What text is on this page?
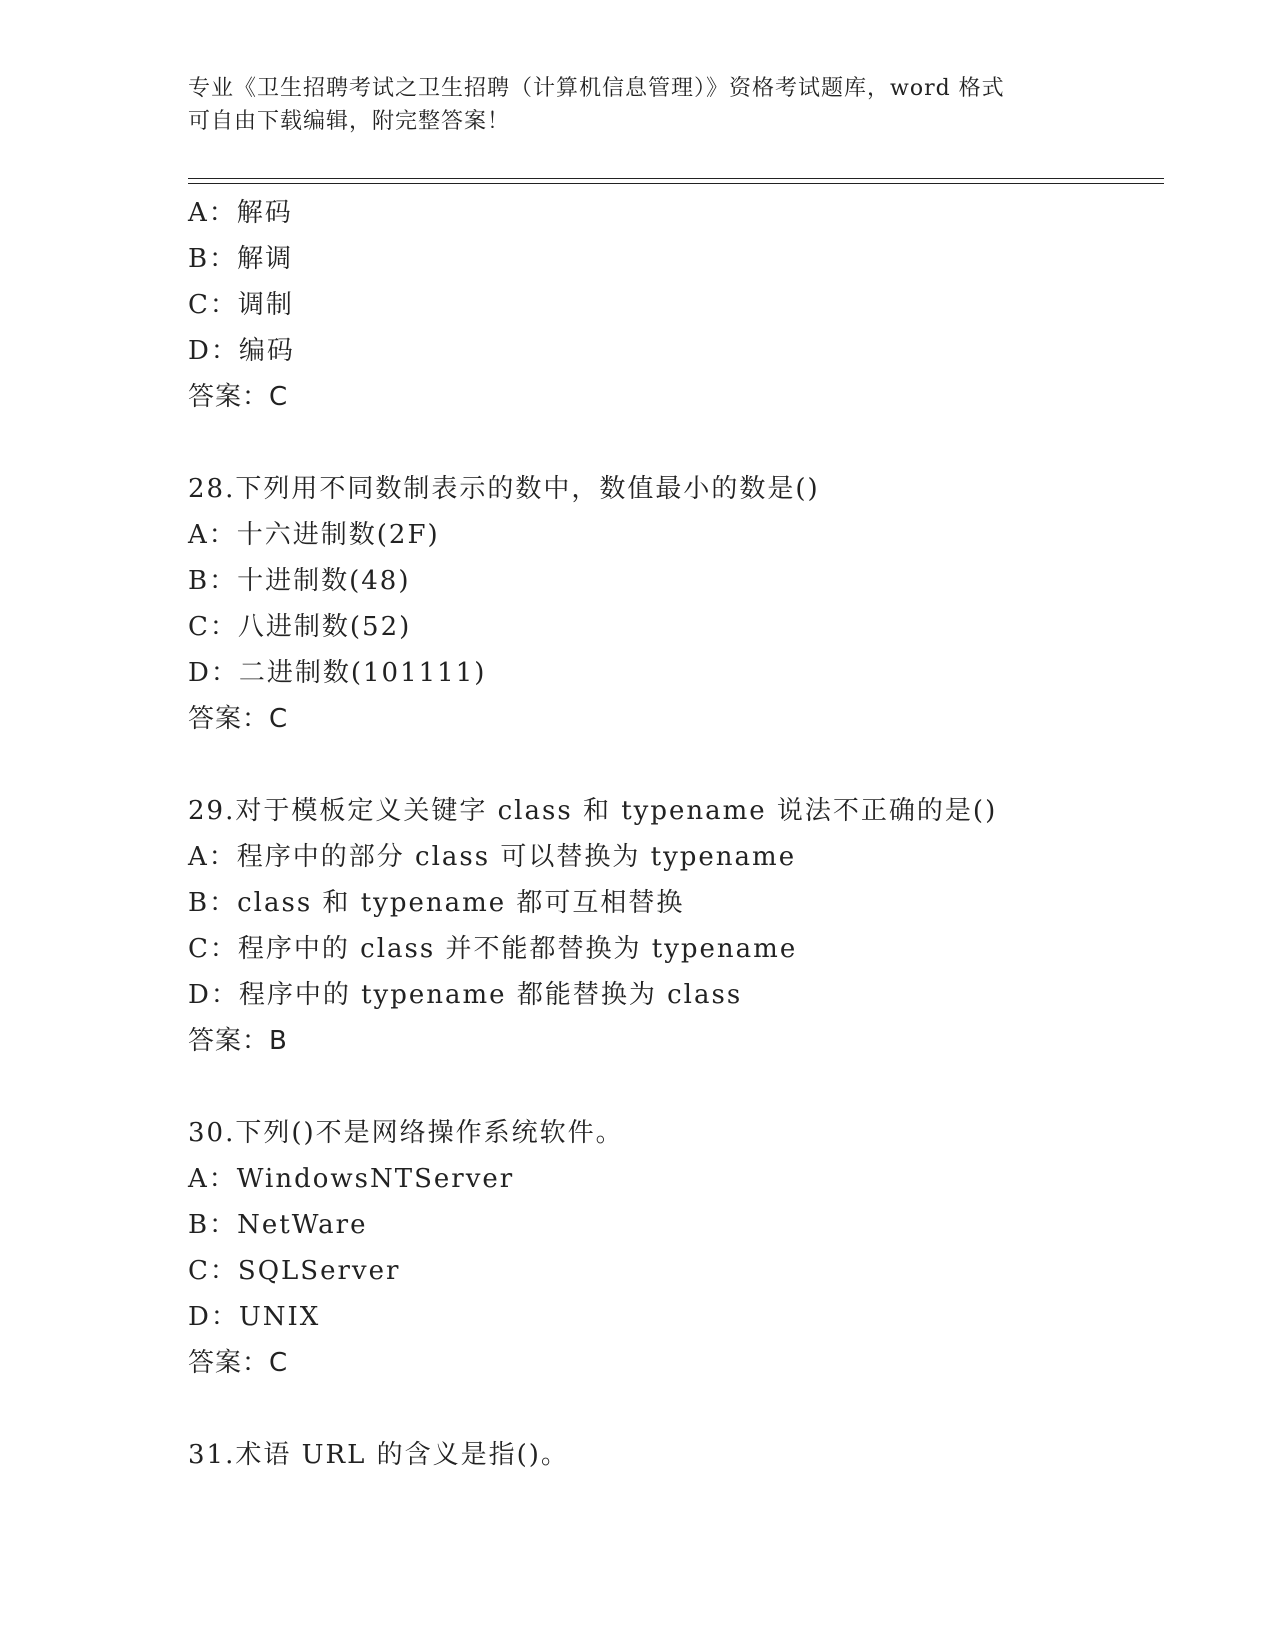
专业《卫生招聘考试之卫生招聘（计算机信息管理）》资格考试题库，word 格式
可自由下载编辑，附完整答案！
A：解码
B：解调
C：调制
D：编码
答案：C
28.下列用不同数制表示的数中，数值最小的数是()
A：十六进制数(2F)
B：十进制数(48)
C：八进制数(52)
D：二进制数(101111)
答案：C
29.对于模板定义关键字 class 和 typename 说法不正确的是()
A：程序中的部分 class 可以替换为 typename
B：class 和 typename 都可互相替换
C：程序中的 class 并不能都替换为 typename
D：程序中的 typename 都能替换为 class
答案：B
30.下列()不是网络操作系统软件。
A：WindowsNTServer
B：NetWare
C：SQLServer
D：UNIX
答案：C
31.术语 URL 的含义是指()。
